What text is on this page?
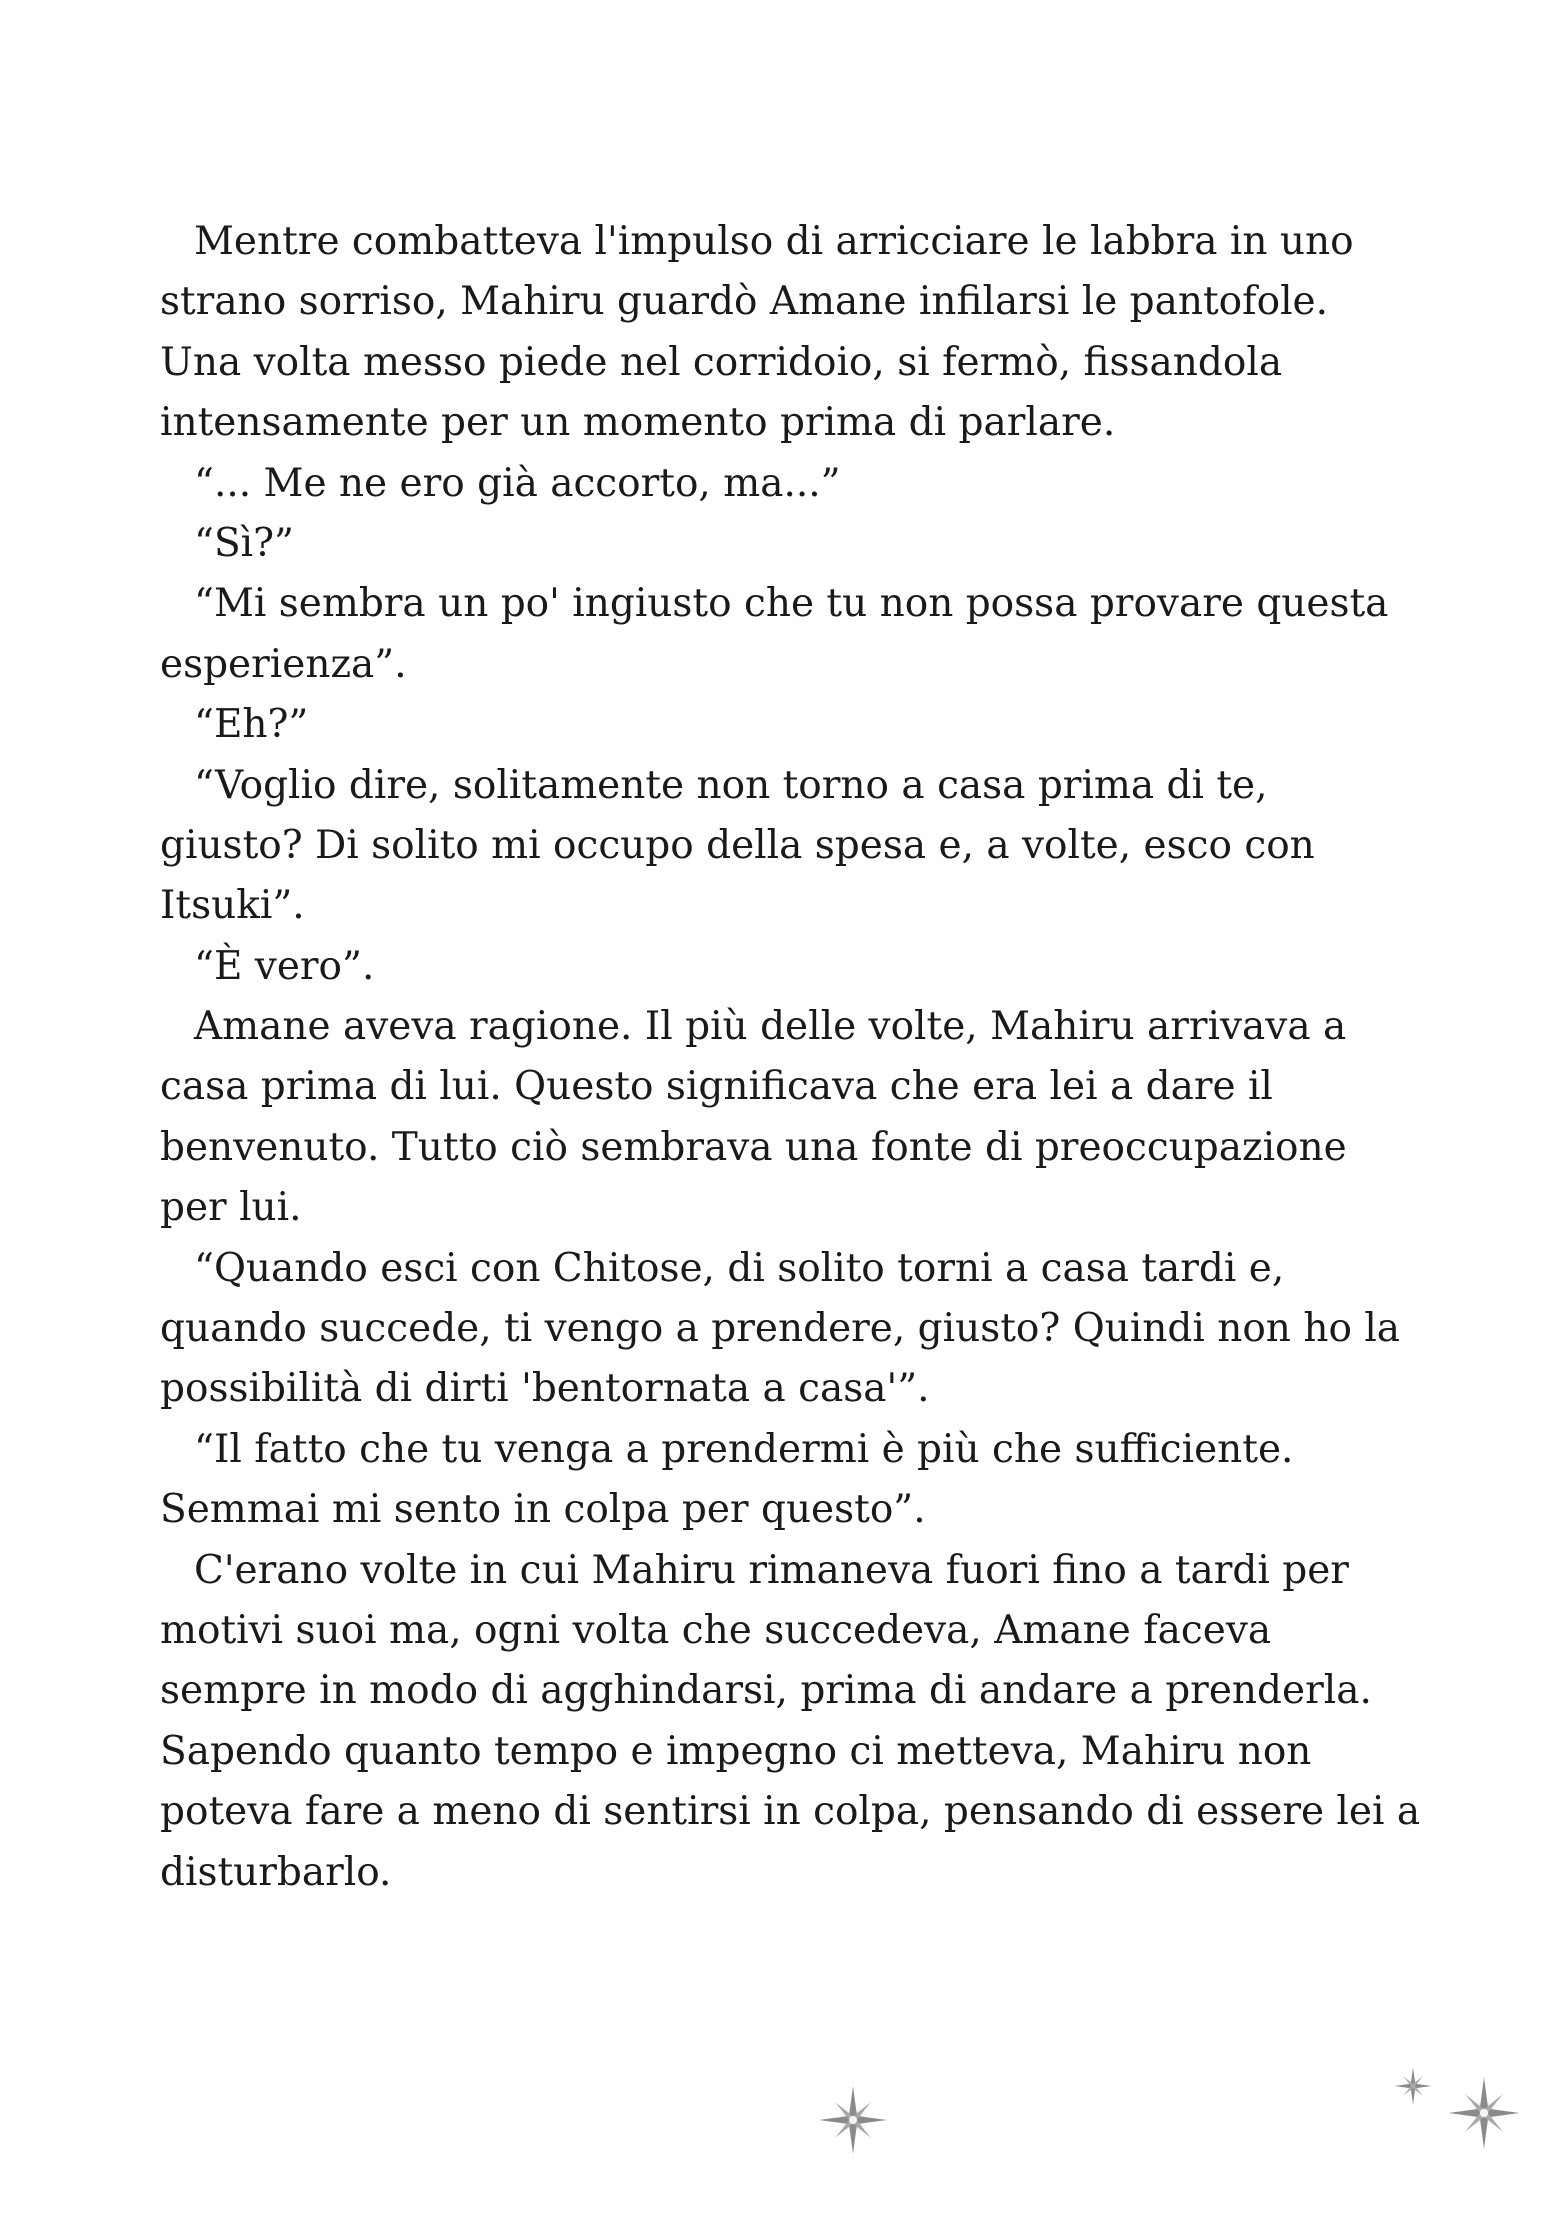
Mentre combatteva l'impulso di arricciare le labbra in uno
strano sorriso, Mahiru guardò Amane infilarsi le pantofole.
Una volta messo piede nel corridoio, si fermò, fissandola
intensamente per un momento prima di parlare.
“... Me ne ero già accorto, ma...”
“Sì?”
“Mi sembra un po' ingiusto che tu non possa provare questa
esperienza”.
“Eh?”
“Voglio dire, solitamente non torno a casa prima di te,
giusto? Di solito mi occupo della spesa e, a volte, esco con
Itsuki”.
“È vero”.
Amane aveva ragione. Il più delle volte, Mahiru arrivava a
casa prima di lui. Questo significava che era lei a dare il
benvenuto. Tutto ciò sembrava una fonte di preoccupazione
per lui.
“Quando esci con Chitose, di solito torni a casa tardi e,
quando succede, ti vengo a prendere, giusto? Quindi non ho la
possibilità di dirti 'bentornata a casa'”.
“Il fatto che tu venga a prendermi è più che sufficiente.
Semmai mi sento in colpa per questo”.
C'erano volte in cui Mahiru rimaneva fuori fino a tardi per
motivi suoi ma, ogni volta che succedeva, Amane faceva
sempre in modo di agghindarsi, prima di andare a prenderla.
Sapendo quanto tempo e impegno ci metteva, Mahiru non
poteva fare a meno di sentirsi in colpa, pensando di essere lei a
disturbarlo.
